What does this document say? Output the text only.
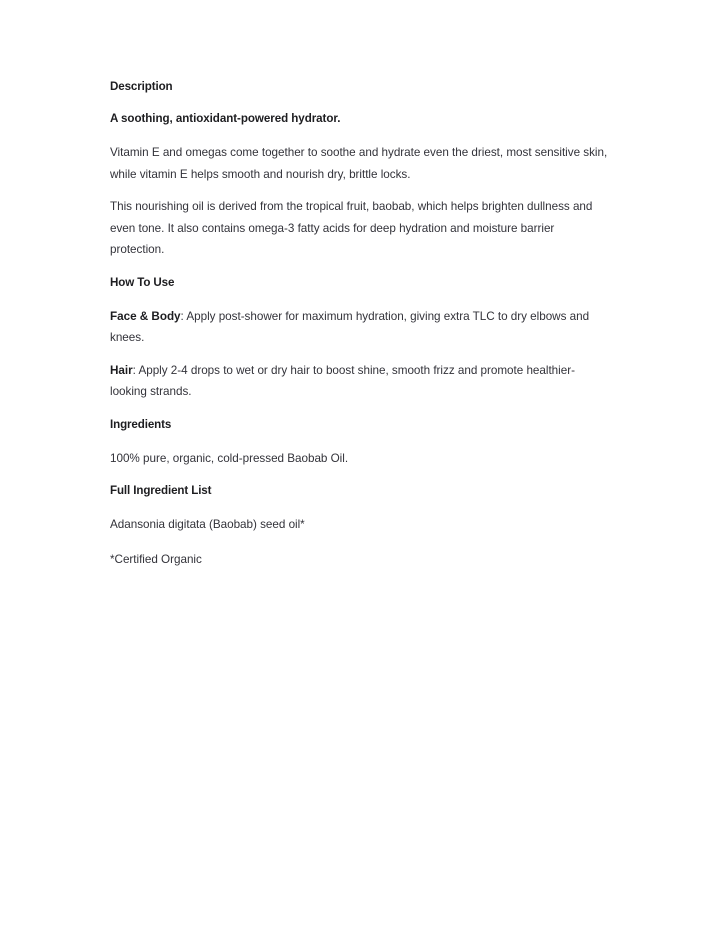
Description

A soothing, antioxidant-powered hydrator.

Vitamin E and omegas come together to soothe and hydrate even the driest, most sensitive skin, while vitamin E helps smooth and nourish dry, brittle locks.

This nourishing oil is derived from the tropical fruit, baobab, which helps brighten dullness and even tone. It also contains omega-3 fatty acids for deep hydration and moisture barrier protection.

How To Use

Face & Body: Apply post-shower for maximum hydration, giving extra TLC to dry elbows and knees.

Hair: Apply 2-4 drops to wet or dry hair to boost shine, smooth frizz and promote healthier-looking strands.

Ingredients

100% pure, organic, cold-pressed Baobab Oil.

Full Ingredient List

Adansonia digitata (Baobab) seed oil*

*Certified Organic
